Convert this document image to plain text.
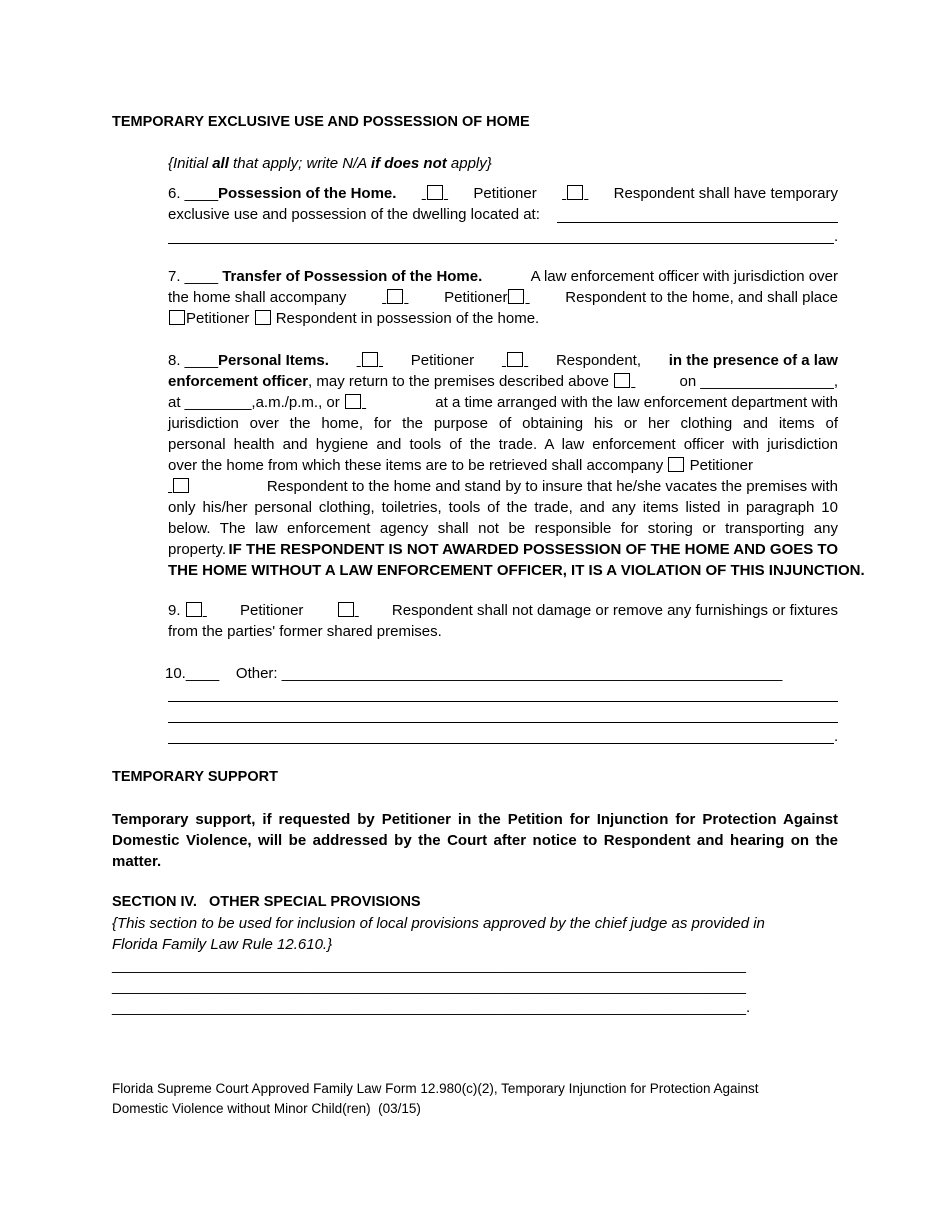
TEMPORARY EXCLUSIVE USE AND POSSESSION OF HOME
{Initial all that apply; write N/A if does not apply}
6. ____Possession of the Home.
	Petitioner
	Respondent shall have temporary
exclusive use and possession of the dwelling located at:
.
7. ____ Transfer of Possession of the Home.	A law enforcement officer with jurisdiction over
the home shall accompany
	Petitioner	Respondent to the home, and shall place
Petitioner Respondent in possession of the home.
8. ____Personal Items.
	Petitioner
	Respondent, in the presence of a law
enforcement officer, may return to the premises described above	on ________________,
at ________,a.m./p.m., or	at a time arranged with the law enforcement department with
jurisdiction over the home, for the purpose of obtaining his or her clothing and items of
personal health and hygiene and tools of the trade. A law enforcement officer with jurisdiction
over the home from which these items are to be retrieved shall accompany Petitioner

Respondent to the home and stand by to insure that he/she vacates the premises with
only his/her personal clothing, toiletries, tools of the trade, and any items listed in paragraph 10
below. The law enforcement agency shall not be responsible for storing or transporting any
property. IF THE RESPONDENT IS NOT AWARDED POSSESSION OF THE HOME AND GOES TO
THE HOME WITHOUT A LAW ENFORCEMENT OFFICER, IT IS A VIOLATION OF THIS INJUNCTION.
9.	Petitioner
	Respondent shall not damage or remove any furnishings or fixtures
from the parties' former shared premises.
10.____ Other: ____________________________________________________________
.
TEMPORARY SUPPORT
Temporary support, if requested by Petitioner in the Petition for Injunction for Protection Against Domestic Violence, will be addressed by the Court after notice to Respondent and hearing on the matter.
SECTION IV.   OTHER SPECIAL PROVISIONS
{This section to be used for inclusion of local provisions approved by the chief judge as provided in Florida Family Law Rule 12.610.}
____________________________________________________________________________
____________________________________________________________________________
____________________________________________________________________________.
Florida Supreme Court Approved Family Law Form 12.980(c)(2), Temporary Injunction for Protection Against
Domestic Violence without Minor Child(ren)  (03/15)
